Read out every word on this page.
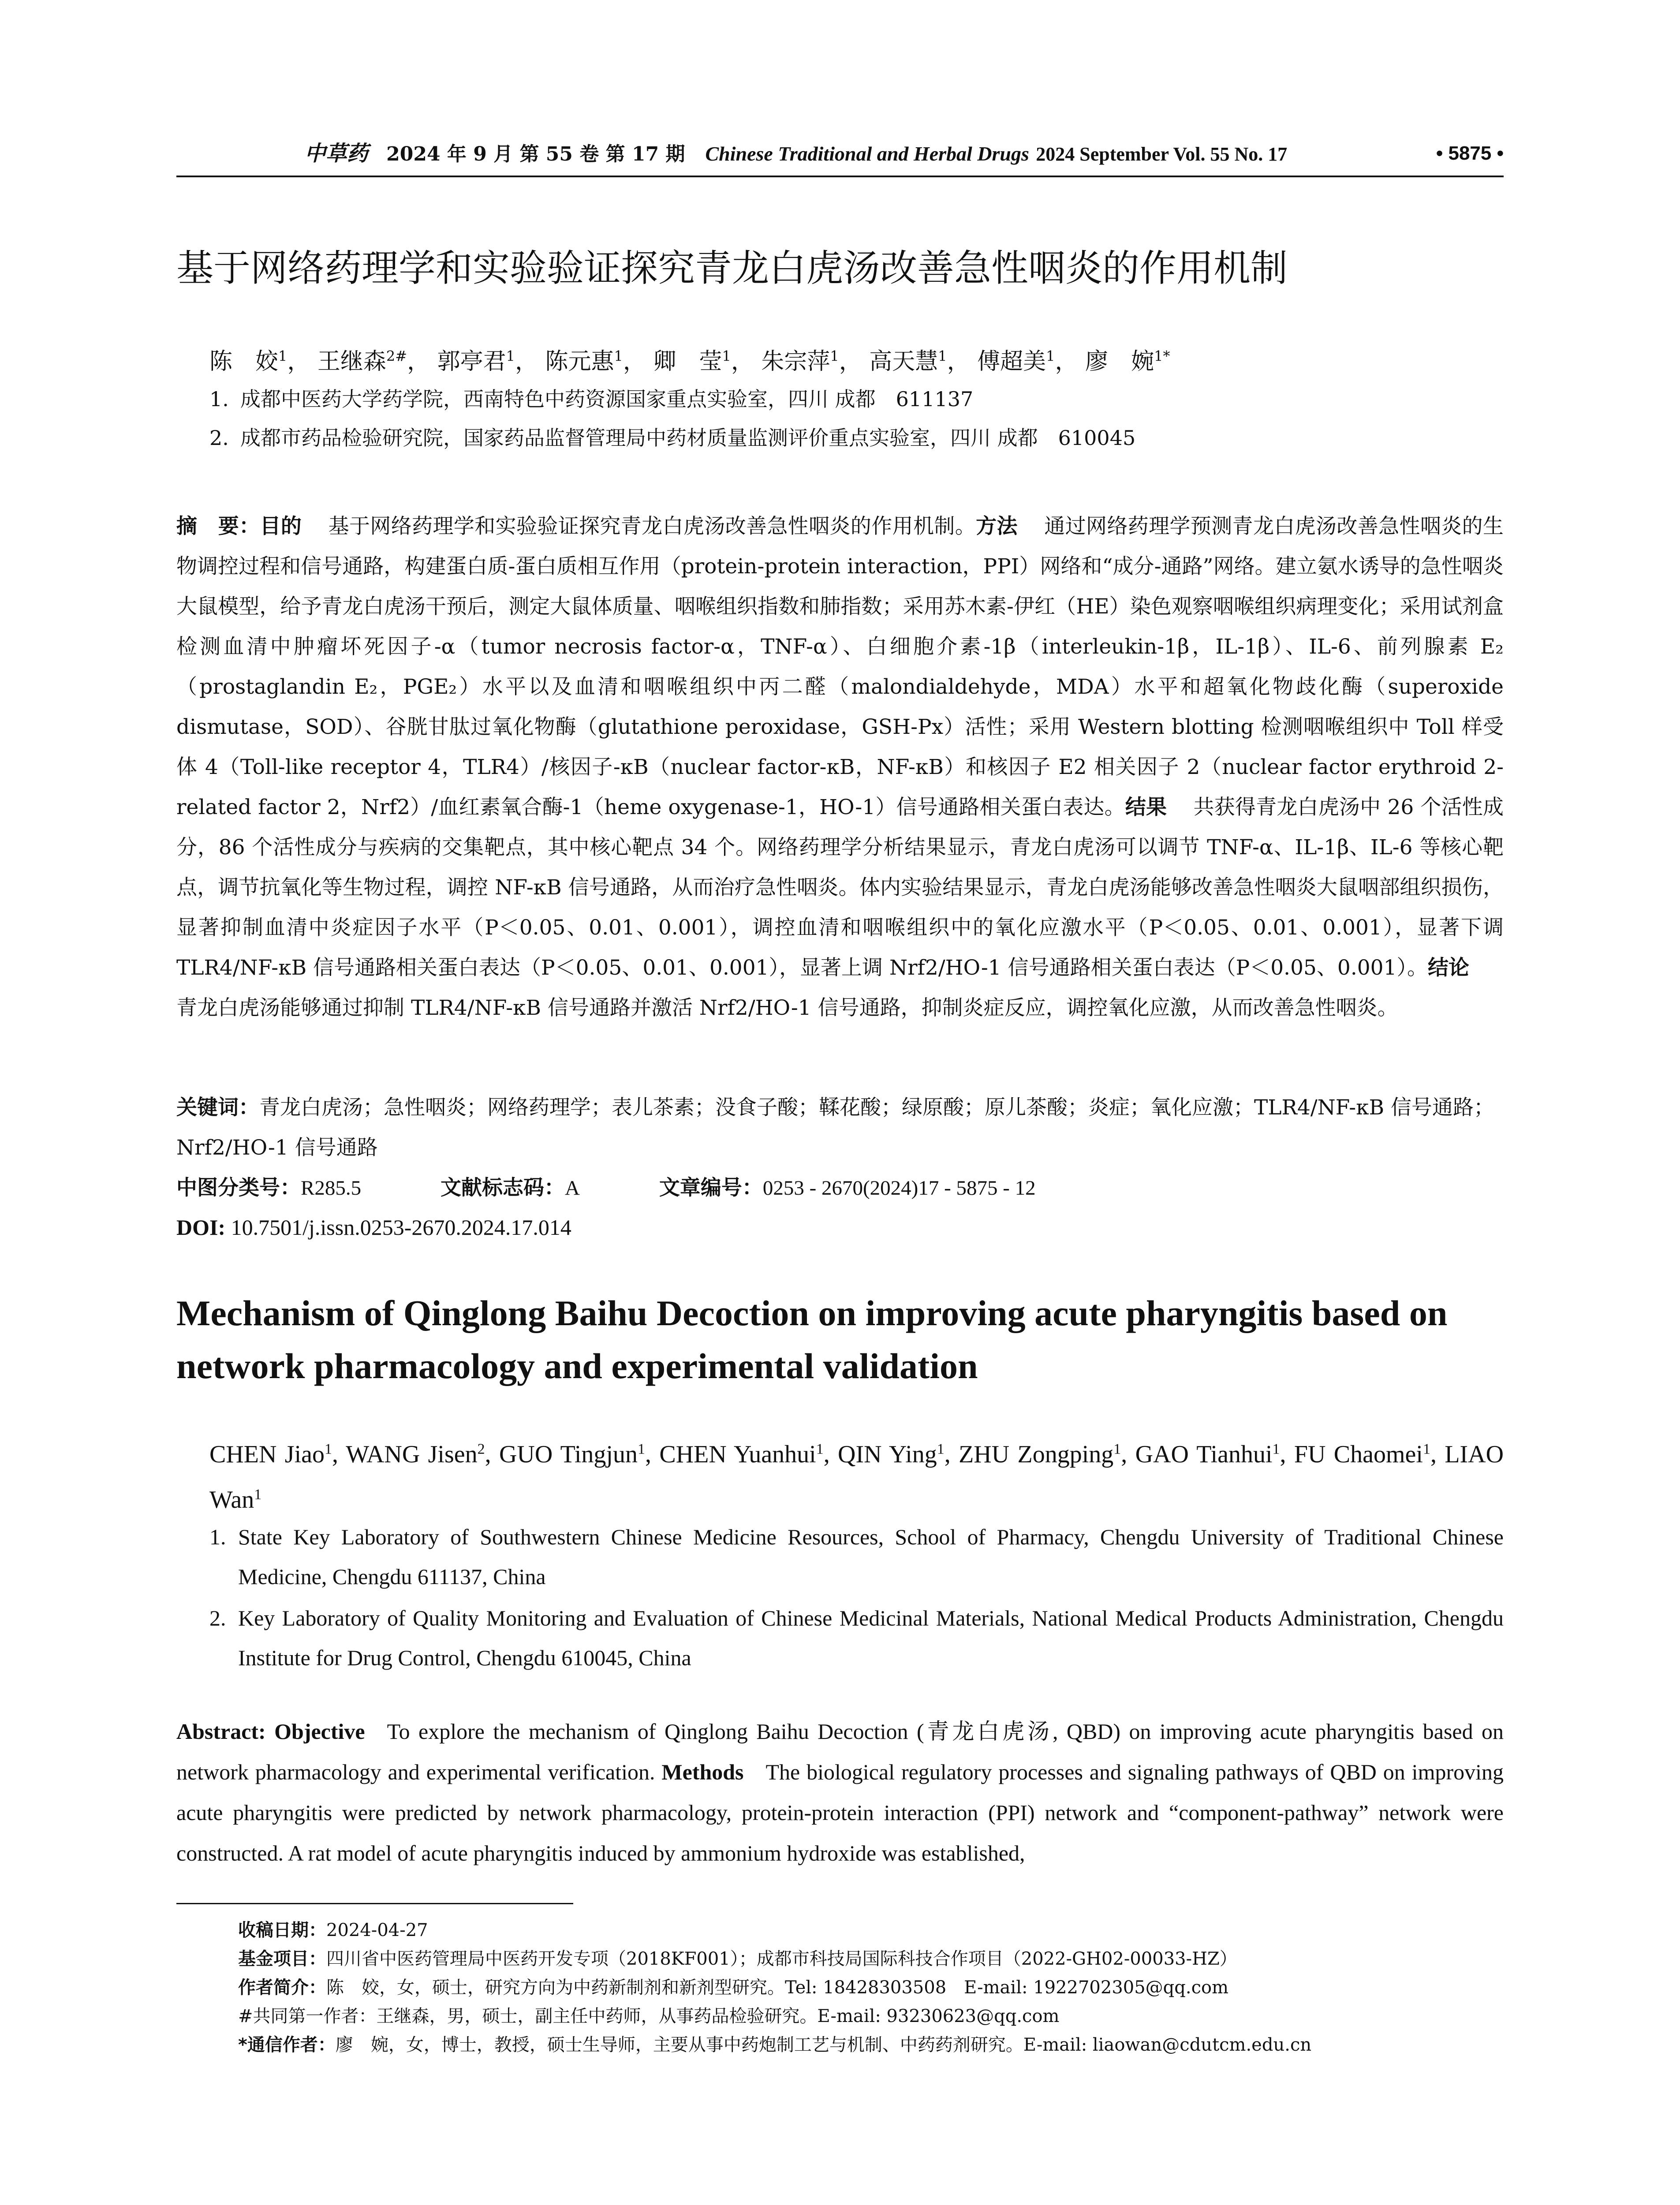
中草药 2024 年 9 月 第 55 卷 第 17 期 Chinese Traditional and Herbal Drugs 2024 September Vol. 55 No. 17	• 5875 •
基于网络药理学和实验验证探究青龙白虎汤改善急性咽炎的作用机制
陈　姣$^1$， 王继森$^{2\#}$， 郭亭君$^1$， 陈元惠$^1$， 卿　莹$^1$， 朱宗萍$^1$， 高天慧$^1$， 傅超美$^1$， 廖　婉$^{1*}$
1. 成都中医药大学药学院，西南特色中药资源国家重点实验室，四川 成都　611137
2. 成都市药品检验研究院，国家药品监督管理局中药材质量监测评价重点实验室，四川 成都　610045
摘　要：目的 基于网络药理学和实验验证探究青龙白虎汤改善急性咽炎的作用机制。方法 通过网络药理学预测青龙白虎汤改善急性咽炎的生物调控过程和信号通路，构建蛋白质-蛋白质相互作用（protein-protein interaction，PPI）网络和“成分-通路”网络。建立氨水诱导的急性咽炎大鼠模型，给予青龙白虎汤干预后，测定大鼠体质量、咽喉组织指数和肺指数；采用苏木素-伊红（HE）染色观察咽喉组织病理变化；采用试剂盒检测血清中肿瘤坏死因子-α（tumor necrosis factor-α，TNF-α）、白细胞介素-1β（interleukin-1β，IL-1β）、IL-6、前列腺素 E₂（prostaglandin E₂，PGE₂）水平以及血清和咽喉组织中丙二醛（malondialdehyde，MDA）水平和超氧化物歧化酶（superoxide dismutase，SOD）、谷胱甘肽过氧化物酶（glutathione peroxidase，GSH-Px）活性；采用 Western blotting 检测咽喉组织中 Toll 样受体 4（Toll-like receptor 4，TLR4）/核因子-κB（nuclear factor-κB，NF-κB）和核因子 E2 相关因子 2（nuclear factor erythroid 2-related factor 2，Nrf2）/血红素氧合酶-1（heme oxygenase-1，HO-1）信号通路相关蛋白表达。结果 共获得青龙白虎汤中 26 个活性成分，86 个活性成分与疾病的交集靶点，其中核心靶点 34 个。网络药理学分析结果显示，青龙白虎汤可以调节 TNF-α、IL-1β、IL-6 等核心靶点，调节抗氧化等生物过程，调控 NF-κB 信号通路，从而治疗急性咽炎。体内实验结果显示，青龙白虎汤能够改善急性咽炎大鼠咽部组织损伤，显著抑制血清中炎症因子水平（P＜0.05、0.01、0.001），调控血清和咽喉组织中的氧化应激水平（P＜0.05、0.01、0.001），显著下调 TLR4/NF-κB 信号通路相关蛋白表达（P＜0.05、0.01、0.001），显著上调 Nrf2/HO-1 信号通路相关蛋白表达（P＜0.05、0.001）。结论
青龙白虎汤能够通过抑制 TLR4/NF-κB 信号通路并激活 Nrf2/HO-1 信号通路，抑制炎症反应，调控氧化应激，从而改善急性咽炎。
关键词：青龙白虎汤；急性咽炎；网络药理学；表儿茶素；没食子酸；鞣花酸；绿原酸；原儿茶酸；炎症；氧化应激；TLR4/NF-κB 信号通路；Nrf2/HO-1 信号通路
中图分类号：R285.5	文献标志码：A	文章编号：0253 - 2670(2024)17 - 5875 - 12
DOI: 10.7501/j.issn.0253-2670.2024.17.014
Mechanism of Qinglong Baihu Decoction on improving acute pharyngitis based on network pharmacology and experimental validation
CHEN Jiao$^1$, WANG Jisen$^2$, GUO Tingjun$^1$, CHEN Yuanhui$^1$, QIN Ying$^1$, ZHU Zongping$^1$, GAO Tianhui$^1$, FU Chaomei$^1$, LIAO Wan$^1$
1. State Key Laboratory of Southwestern Chinese Medicine Resources, School of Pharmacy, Chengdu University of Traditional Chinese Medicine, Chengdu 611137, China
2. Key Laboratory of Quality Monitoring and Evaluation of Chinese Medicinal Materials, National Medical Products Administration, Chengdu Institute for Drug Control, Chengdu 610045, China
Abstract: Objective To explore the mechanism of Qinglong Baihu Decoction (青龙白虎汤, QBD) on improving acute pharyngitis based on network pharmacology and experimental verification. Methods The biological regulatory processes and signaling pathways of QBD on improving acute pharyngitis were predicted by network pharmacology, protein-protein interaction (PPI) network and “component-pathway” network were constructed. A rat model of acute pharyngitis induced by ammonium hydroxide was established,
收稿日期：2024-04-27
基金项目：四川省中医药管理局中医药开发专项（2018KF001）；成都市科技局国际科技合作项目（2022-GH02-00033-HZ）
作者简介：陈　姣，女，硕士，研究方向为中药新制剂和新剂型研究。Tel: 18428303508　E-mail: 1922702305@qq.com
#共同第一作者：王继森，男，硕士，副主任中药师，从事药品检验研究。E-mail: 93230623@qq.com
*通信作者：廖　婉，女，博士，教授，硕士生导师，主要从事中药炮制工艺与机制、中药药剂研究。E-mail: liaowan@cdutcm.edu.cn
